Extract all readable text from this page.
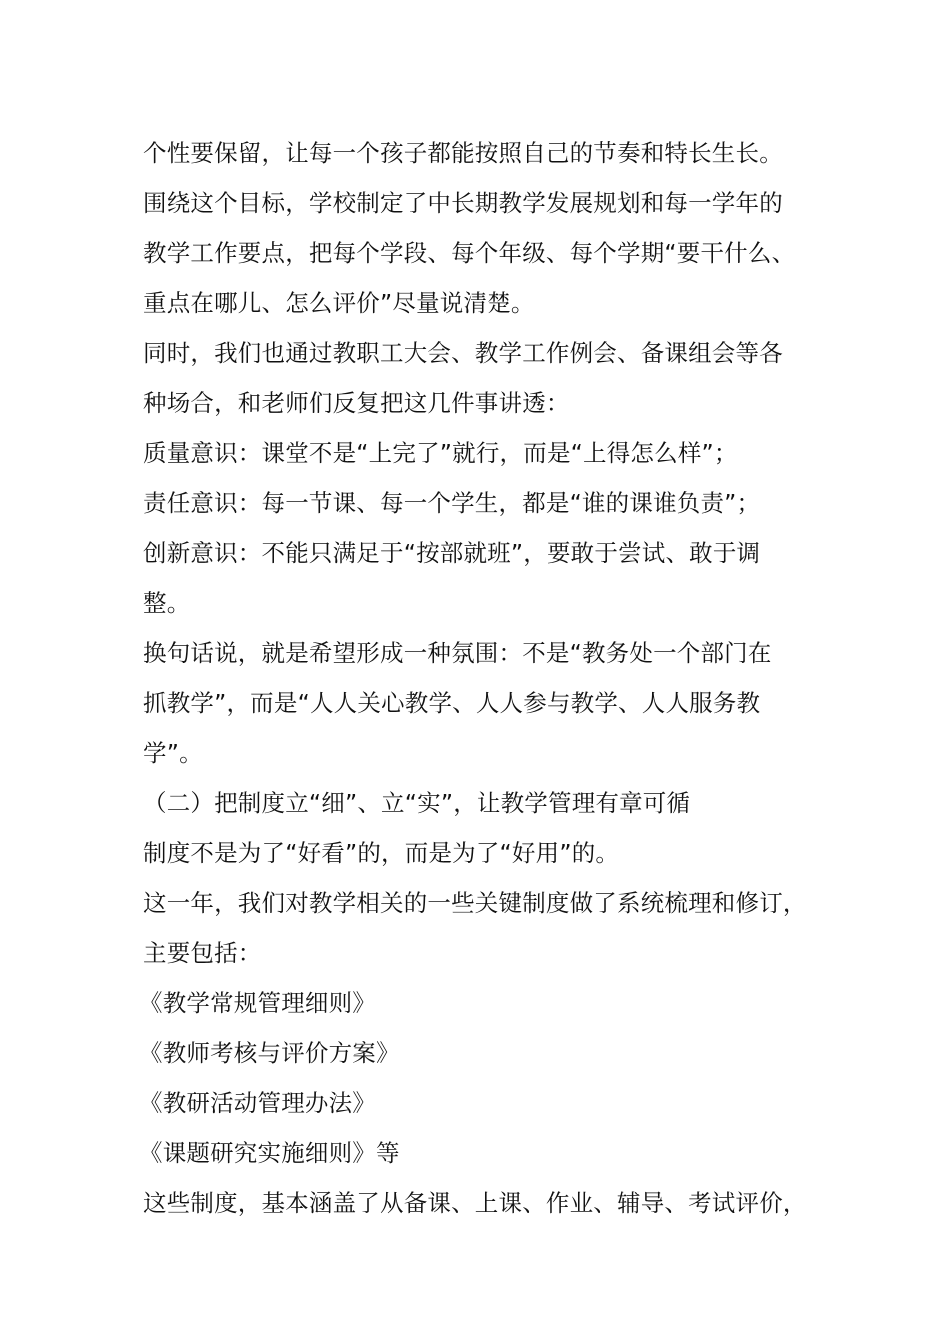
个性要保留，让每一个孩子都能按照自己的节奏和特长生长。
围绕这个目标，学校制定了中长期教学发展规划和每一学年的
教学工作要点，把每个学段、每个年级、每个学期“要干什么、
重点在哪儿、怎么评价”尽量说清楚。
同时，我们也通过教职工大会、教学工作例会、备课组会等各
种场合，和老师们反复把这几件事讲透：
质量意识：课堂不是“上完了”就行，而是“上得怎么样”；
责任意识：每一节课、每一个学生，都是“谁的课谁负责”；
创新意识：不能只满足于“按部就班”，要敢于尝试、敢于调
整。
换句话说，就是希望形成一种氛围：不是“教务处一个部门在
抓教学”，而是“人人关心教学、人人参与教学、人人服务教
学”。
（二）把制度立“细”、立“实”，让教学管理有章可循
制度不是为了“好看”的，而是为了“好用”的。
这一年，我们对教学相关的一些关键制度做了系统梳理和修订，
主要包括：
《教学常规管理细则》
《教师考核与评价方案》
《教研活动管理办法》
《课题研究实施细则》等
这些制度，基本涵盖了从备课、上课、作业、辅导、考试评价，
